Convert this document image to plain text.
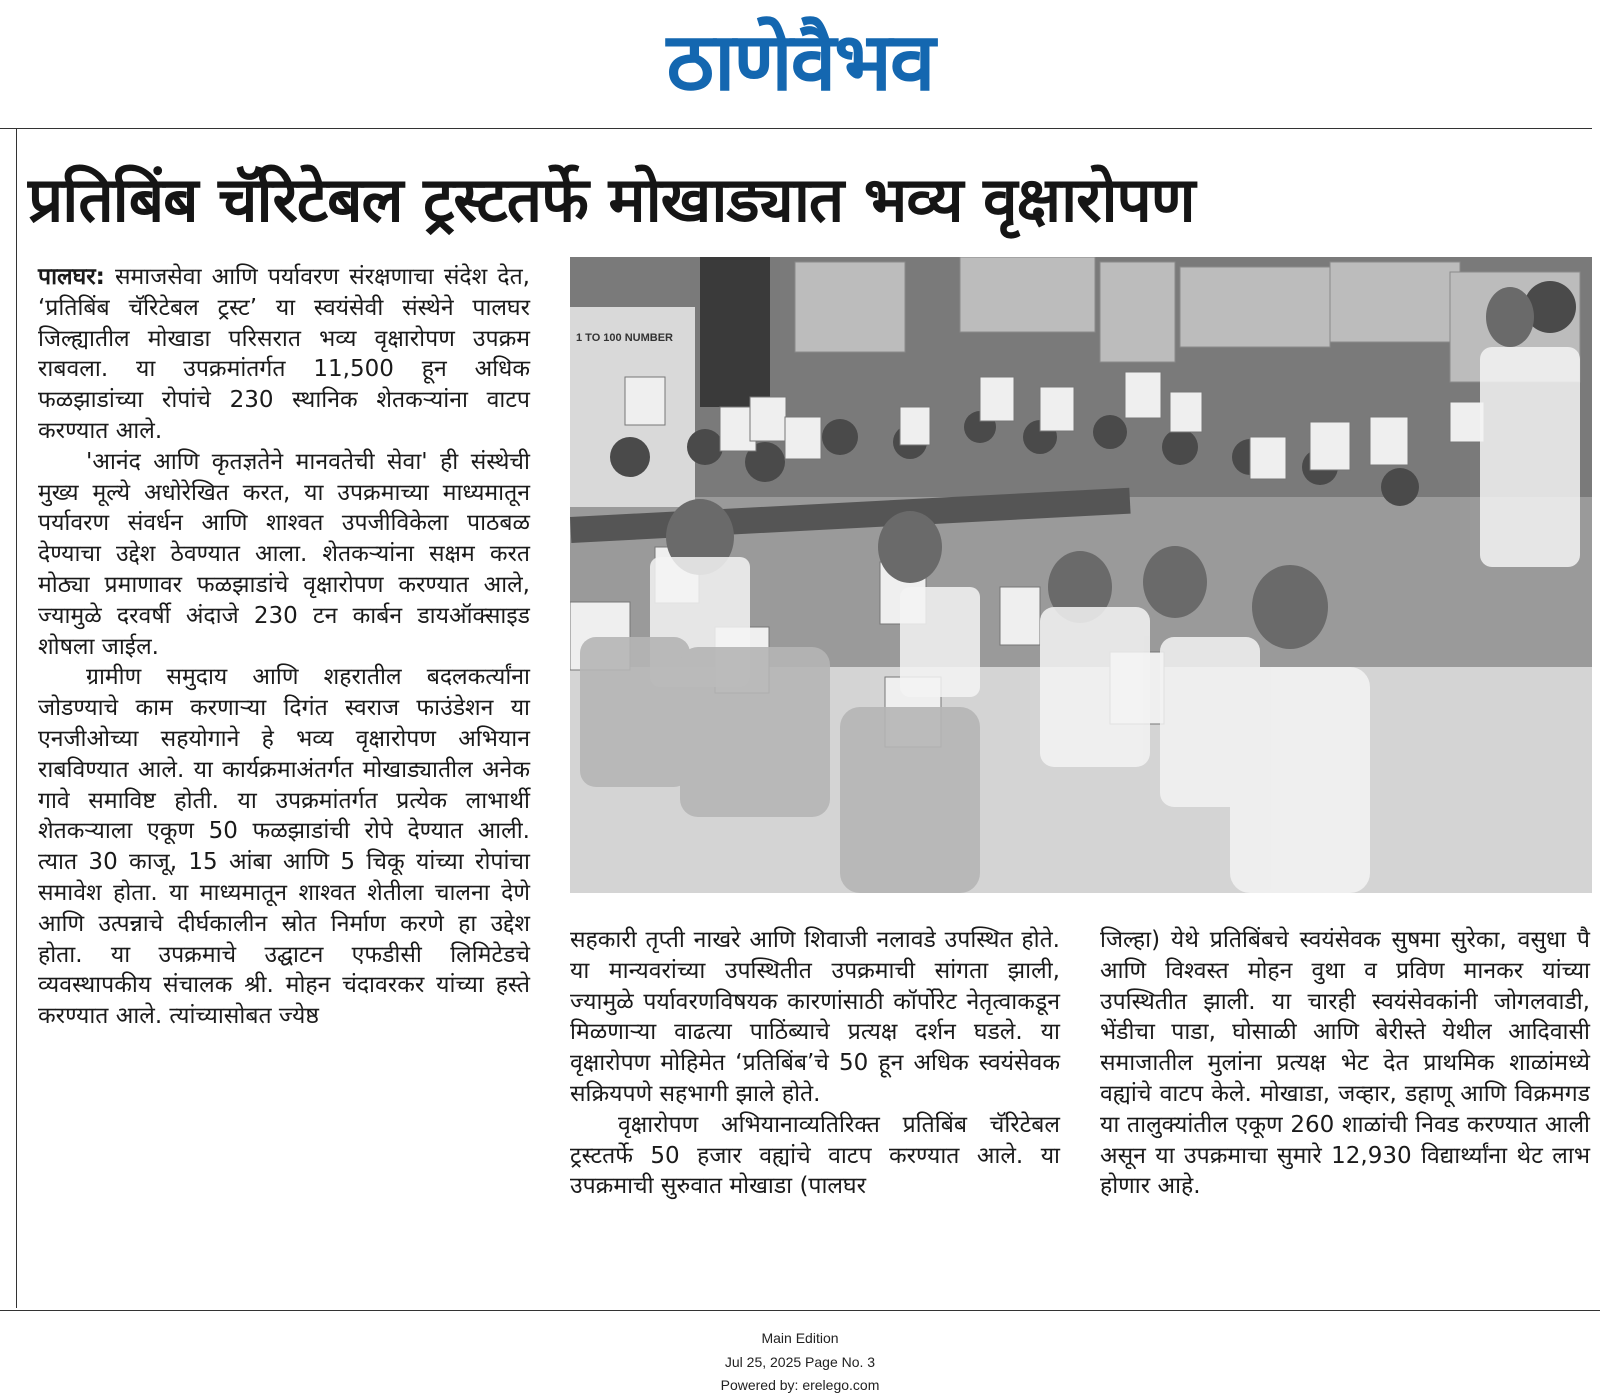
ठाणेवैभव
प्रतिबिंब चॅरिटेबल ट्रस्टतर्फे मोखाड्यात भव्य वृक्षारोपण

पालघर: समाजसेवा आणि पर्यावरण संरक्षणाचा संदेश देत, ‘प्रतिबिंब चॅरिटेबल ट्रस्ट’ या स्वयंसेवी संस्थेने पालघर जिल्ह्यातील मोखाडा परिसरात भव्य वृक्षारोपण उपक्रम राबवला. या उपक्रमांतर्गत 11,500 हून अधिक फळझाडांच्या रोपांचे 230 स्थानिक शेतकऱ्यांना वाटप करण्यात आले.

'आनंद आणि कृतज्ञतेने मानवतेची सेवा' ही संस्थेची मुख्य मूल्ये अधोरेखित करत, या उपक्रमाच्या माध्यमातून पर्यावरण संवर्धन आणि शाश्वत उपजीविकेला पाठबळ देण्याचा उद्देश ठेवण्यात आला. शेतकऱ्यांना सक्षम करत मोठ्या प्रमाणावर फळझाडांचे वृक्षारोपण करण्यात आले, ज्यामुळे दरवर्षी अंदाजे 230 टन कार्बन डायऑक्साइड शोषला जाईल.

ग्रामीण समुदाय आणि शहरातील बदलकर्त्यांना जोडण्याचे काम करणाऱ्या दिगंत स्वराज फाउंडेशन या एनजीओच्या सहयोगाने हे भव्य वृक्षारोपण अभियान राबविण्यात आले. या कार्यक्रमाअंतर्गत मोखाड्यातील अनेक गावे समाविष्ट होती. या उपक्रमांतर्गत प्रत्येक लाभार्थी शेतकऱ्याला एकूण 50 फळझाडांची रोपे देण्यात आली. त्यात 30 काजू, 15 आंबा आणि 5 चिकू यांच्या रोपांचा समावेश होता. या माध्यमातून शाश्वत शेतीला चालना देणे आणि उत्पन्नाचे दीर्घकालीन स्रोत निर्माण करणे हा उद्देश होता. या उपक्रमाचे उद्घाटन एफडीसी लिमिटेडचे व्यवस्थापकीय संचालक श्री. मोहन चंदावरकर यांच्या हस्ते करण्यात आले. त्यांच्यासोबत ज्येष्ठ

1 TO 100 NUMBER

सहकारी तृप्ती नाखरे आणि शिवाजी नलावडे उपस्थित होते. या मान्यवरांच्या उपस्थितीत उपक्रमाची सांगता झाली, ज्यामुळे पर्यावरणविषयक कारणांसाठी कॉर्पोरेट नेतृत्वाकडून मिळणाऱ्या वाढत्या पाठिंब्याचे प्रत्यक्ष दर्शन घडले. या वृक्षारोपण मोहिमेत ‘प्रतिबिंब’चे 50 हून अधिक स्वयंसेवक सक्रियपणे सहभागी झाले होते.

वृक्षारोपण अभियानाव्यतिरिक्त प्रतिबिंब चॅरिटेबल ट्रस्टतर्फे 50 हजार वह्यांचे वाटप करण्यात आले. या उपक्रमाची सुरुवात मोखाडा (पालघर

जिल्हा) येथे प्रतिबिंबचे स्वयंसेवक सुषमा सुरेका, वसुधा पै आणि विश्वस्त मोहन वुथा व प्रविण मानकर यांच्या उपस्थितीत झाली. या चारही स्वयंसेवकांनी जोगलवाडी, भेंडीचा पाडा, घोसाळी आणि बेरीस्ते येथील आदिवासी समाजातील मुलांना प्रत्यक्ष भेट देत प्राथमिक शाळांमध्ये वह्यांचे वाटप केले. मोखाडा, जव्हार, डहाणू आणि विक्रमगड या तालुक्यांतील एकूण 260 शाळांची निवड करण्यात आली असून या उपक्रमाचा सुमारे 12,930 विद्यार्थ्यांना थेट लाभ होणार आहे.

Main Edition
Jul 25, 2025 Page No. 3
Powered by: erelego.com
